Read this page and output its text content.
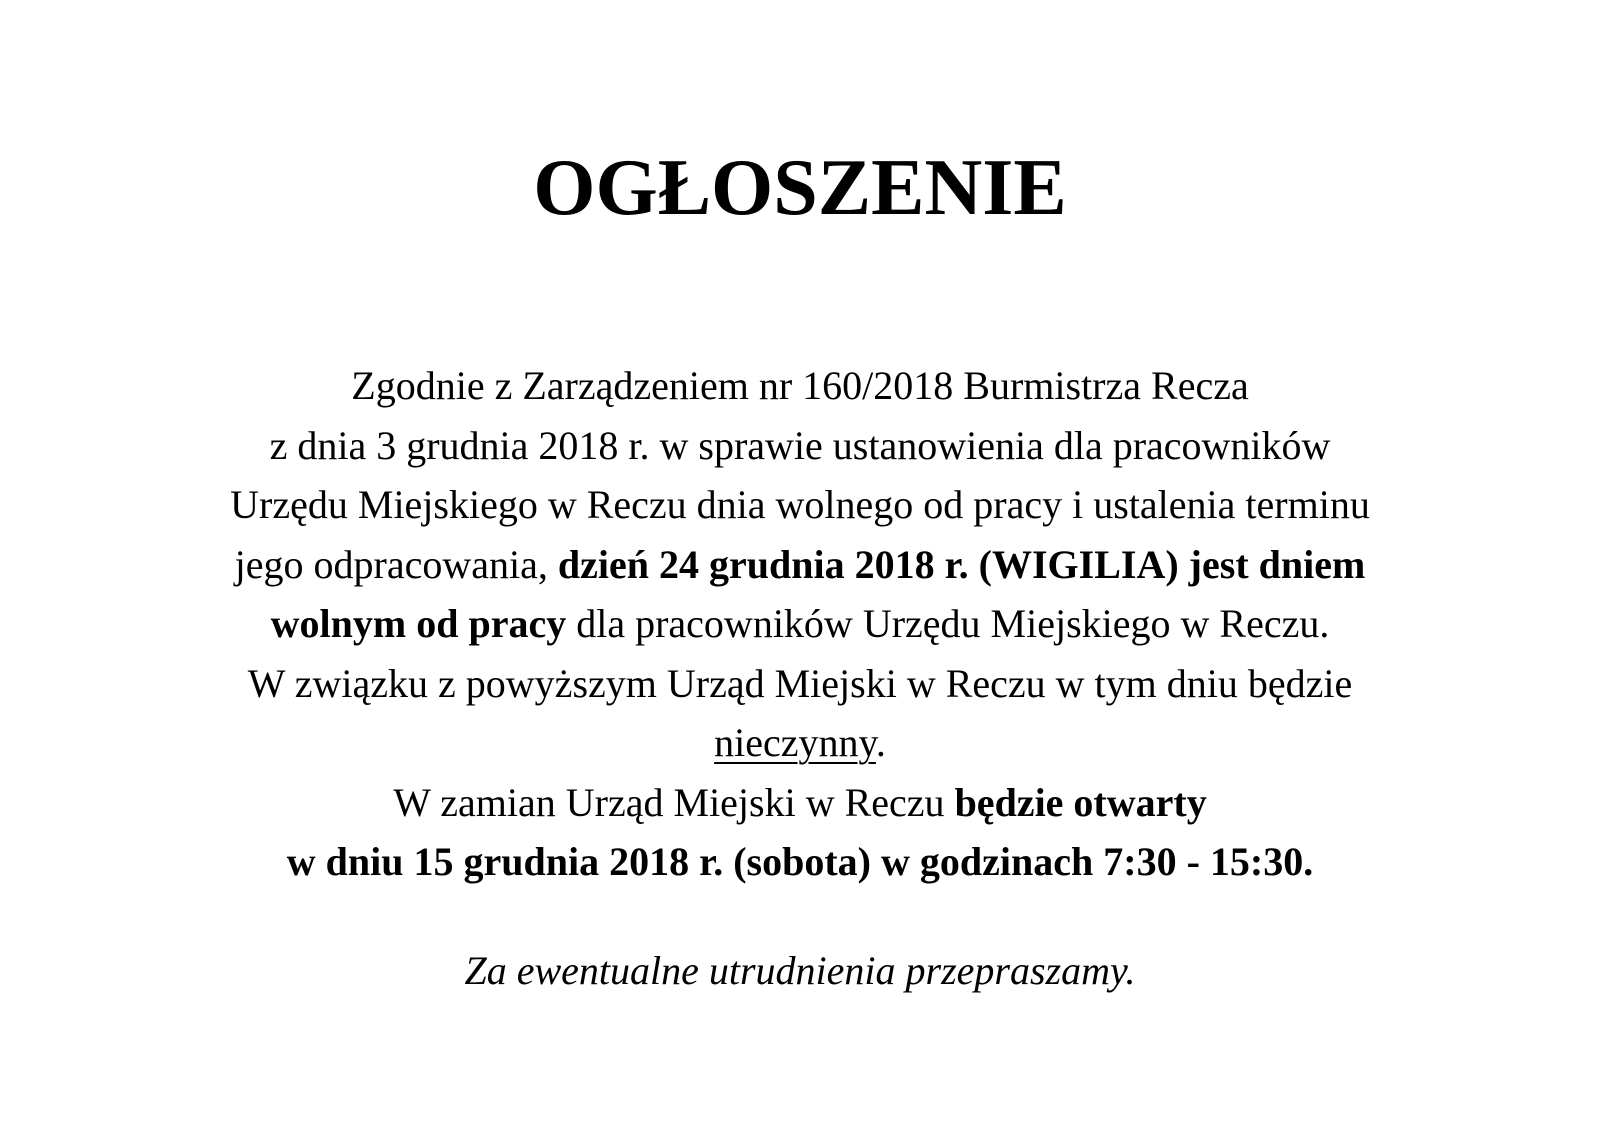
OGŁOSZENIE
Zgodnie z Zarządzeniem nr 160/2018 Burmistrza Recza
z dnia 3 grudnia 2018 r. w sprawie ustanowienia dla pracowników
Urzędu Miejskiego w Reczu dnia wolnego od pracy i ustalenia terminu
jego odpracowania, dzień 24 grudnia 2018 r. (WIGILIA) jest dniem
wolnym od pracy dla pracowników Urzędu Miejskiego w Reczu.
W związku z powyższym Urząd Miejski w Reczu w tym dniu będzie
nieczynny.
W zamian Urząd Miejski w Reczu będzie otwarty
w dniu 15 grudnia 2018 r. (sobota) w godzinach 7:30 - 15:30.
Za ewentualne utrudnienia przepraszamy.
